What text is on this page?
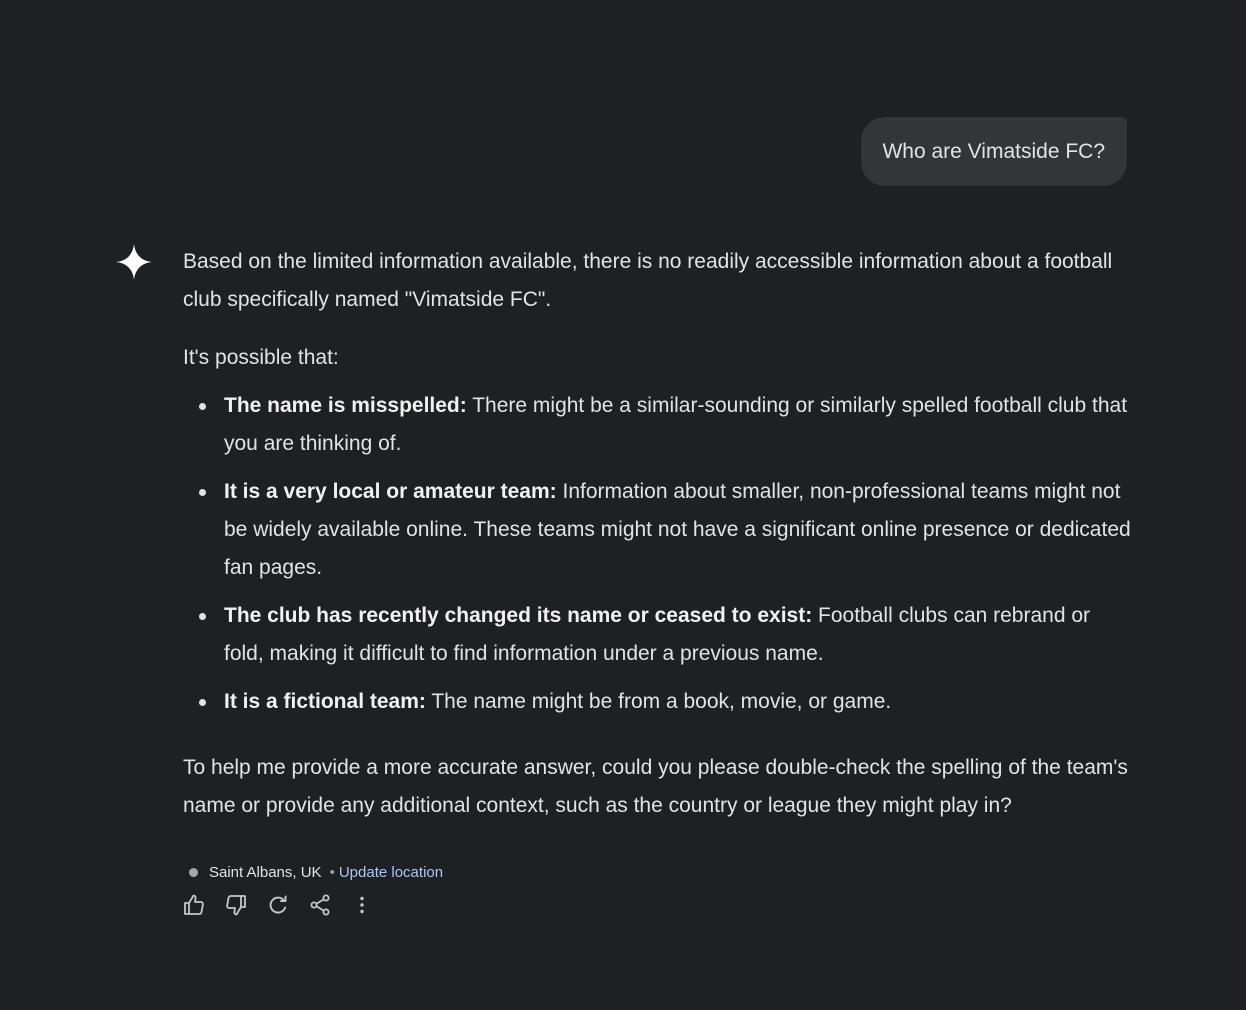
Who are Vimatside FC?

Based on the limited information available, there is no readily accessible information about a football club specifically named "Vimatside FC".

It's possible that:

The name is misspelled: There might be a similar-sounding or similarly spelled football club that you are thinking of.
It is a very local or amateur team: Information about smaller, non-professional teams might not be widely available online. These teams might not have a significant online presence or dedicated fan pages.
The club has recently changed its name or ceased to exist: Football clubs can rebrand or fold, making it difficult to find information under a previous name.
It is a fictional team: The name might be from a book, movie, or game.

To help me provide a more accurate answer, could you please double-check the spelling of the team's name or provide any additional context, such as the country or league they might play in?

Saint Albans, UK • Update location
